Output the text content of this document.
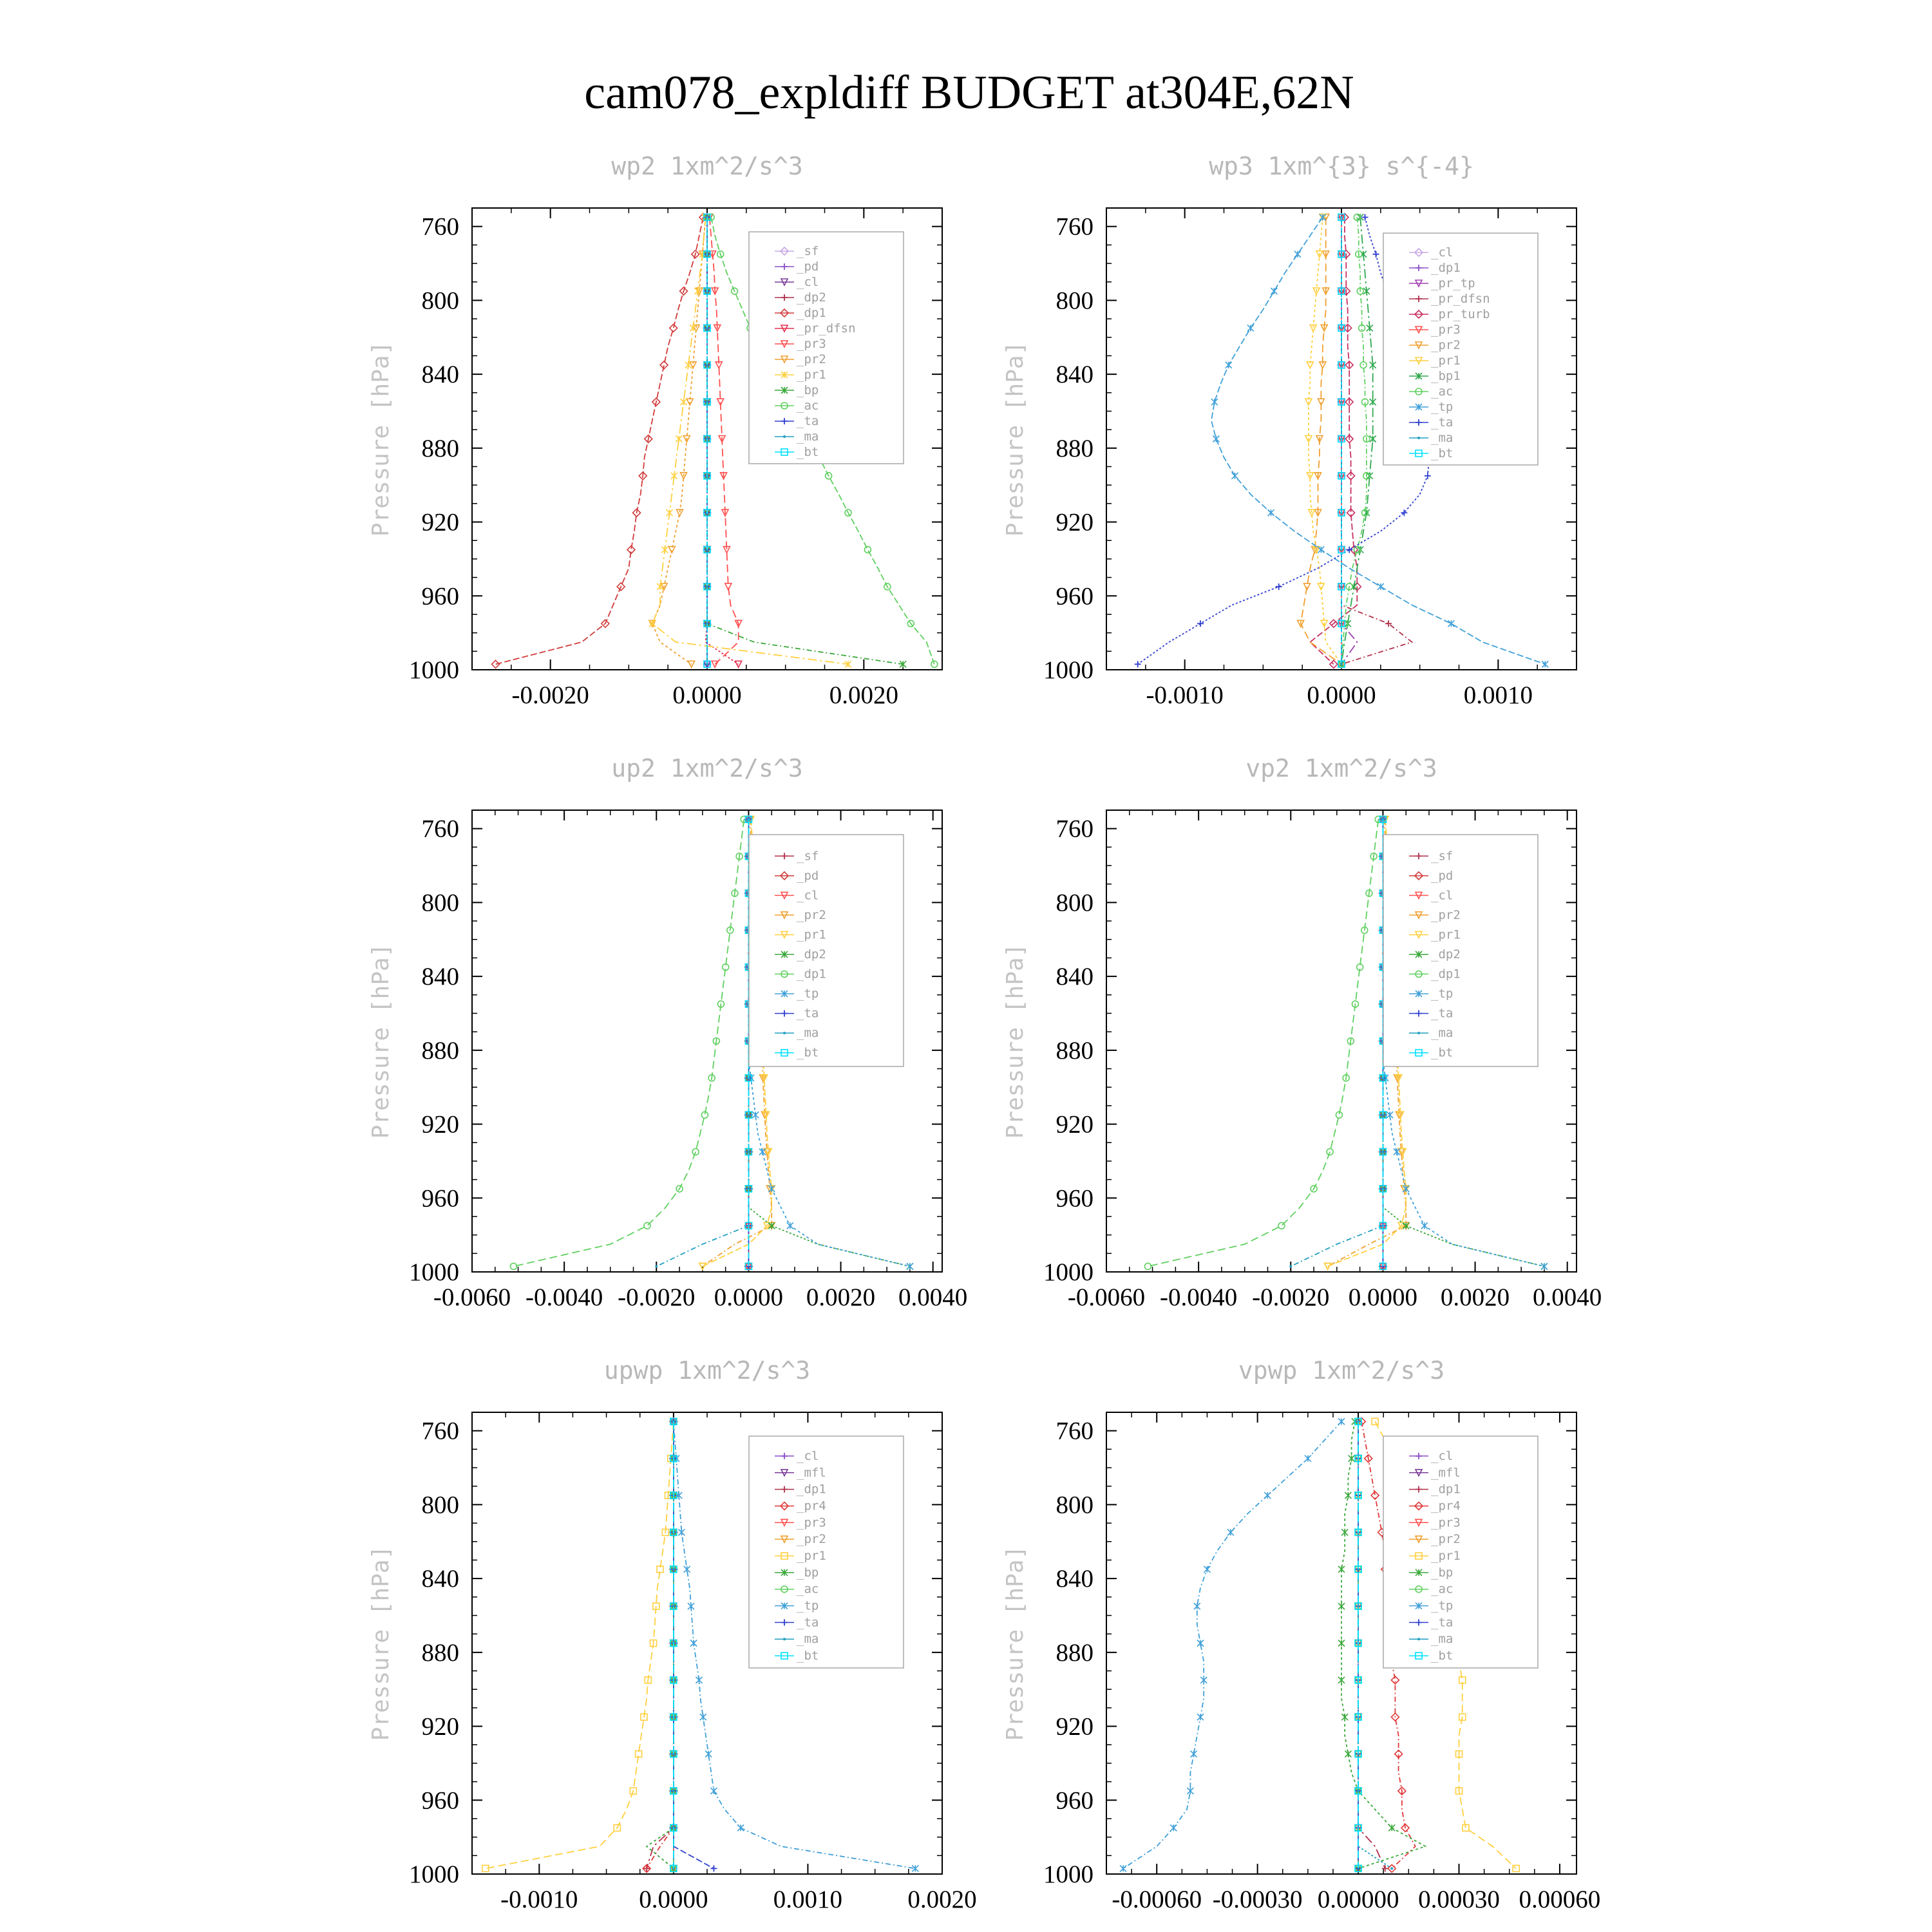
cam078_expldiff BUDGET at304E,62N
wp2 1xm^2/s^3
Pressure [hPa]
760
800
840
880
920
960
1000
-0.0020	0.0000	0.0020
_sf
_pd
_cl
_dp2
_dp1
_pr_dfsn
_pr3
_pr2
_pr1
_bp
_ac
_ta
_ma
_bt
wp3 1xm^{3} s^{-4}
Pressure [hPa]
760
800
840
880
920
960
1000
-0.0010	0.0000	0.0010
_cl
_dp1
_pr_tp
_pr_dfsn
_pr_turb
_pr3
_pr2
_pr1
_bp1
_ac
_tp
_ta
_ma
_bt
up2 1xm^2/s^3
Pressure [hPa]
760
800
840
880
920
960
1000
-0.0060 -0.0040 -0.0020 0.0000 0.0020 0.0040
_sf
_pd
_cl
_pr2
_pr1
_dp2
_dp1
_tp
_ta
_ma
_bt
vp2 1xm^2/s^3
Pressure [hPa]
760
800
840
880
920
960
1000
-0.0060 -0.0040 -0.0020 0.0000 0.0020 0.0040
_sf
_pd
_cl
_pr2
_pr1
_dp2
_dp1
_tp
_ta
_ma
_bt
upwp 1xm^2/s^3
Pressure [hPa]
760
800
840
880
920
960
1000
-0.0010 0.0000	0.0010	0.0020
_cl
_mfl
_dp1
_pr4
_pr3
_pr2
_pr1
_bp
_ac
_tp
_ta
_ma
_bt
vpwp 1xm^2/s^3
Pressure [hPa]
760
800
840
880
920
960
1000
-0.00060 -0.00030 0.00000 0.00030 0.00060
_cl
_mfl
_dp1
_pr4
_pr3
_pr2
_pr1
_bp
_ac
_tp
_ta
_ma
_bt
